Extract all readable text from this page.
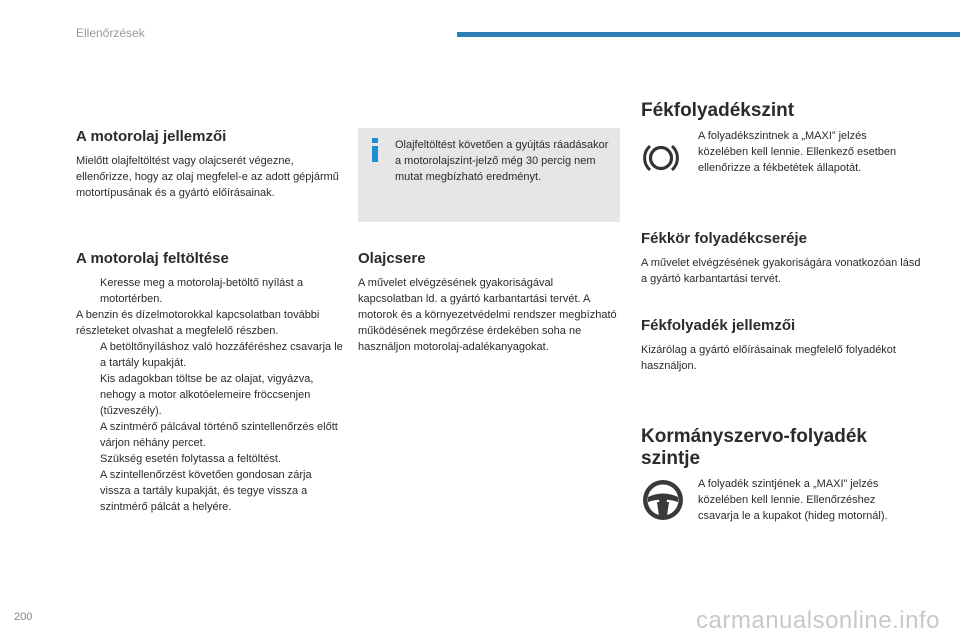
Ellenőrzések
A motorolaj jellemzői

Mielőtt olajfeltöltést vagy olajcserét végezne, ellenőrizze, hogy az olaj megfelel-e az adott gépjármű motortípusának és a gyártó előírásainak.

A motorolaj feltöltése
Keresse meg a motorolaj-betöltő nyílást a motortérben.

A benzin és dízelmotorokkal kapcsolatban további részleteket olvashat a megfelelő részben.

A betöltőnyíláshoz való hozzáféréshez csavarja le a tartály kupakját.
Kis adagokban töltse be az olajat, vigyázva, nehogy a motor alkotóelemeire fröccsenjen (tűzveszély).
A szintmérő pálcával történő szintellenőrzés előtt várjon néhány percet.
Szükség esetén folytassa a feltöltést.
A szintellenőrzést követően gondosan zárja vissza a tartály kupakját, és tegye vissza a szintmérő pálcát a helyére.

Olajfeltöltést követően a gyújtás ráadásakor a motorolajszint-jelző még 30 percig nem mutat megbízható eredményt.

Olajcsere

A művelet elvégzésének gyakoriságával kapcsolatban ld. a gyártó karbantartási tervét. A motorok és a környezetvédelmi rendszer megbízható működésének megőrzése érdekében soha ne használjon motorolaj-adalékanyagokat.

Fékfolyadékszint

A folyadékszintnek a „MAXI” jelzés közelében kell lennie. Ellenkező esetben ellenőrizze a fékbetétek állapotát.

Fékkör folyadékcseréje

A művelet elvégzésének gyakoriságára vonatkozóan lásd a gyártó karbantartási tervét.

Fékfolyadék jellemzői

Kizárólag a gyártó előírásainak megfelelő folyadékot használjon.

Kormányszervo-folyadék szintje

A folyadék szintjének a „MAXI” jelzés közelében kell lennie. Ellenőrzéshez csavarja le a kupakot (hideg motornál).

200	carmanualsonline.info
